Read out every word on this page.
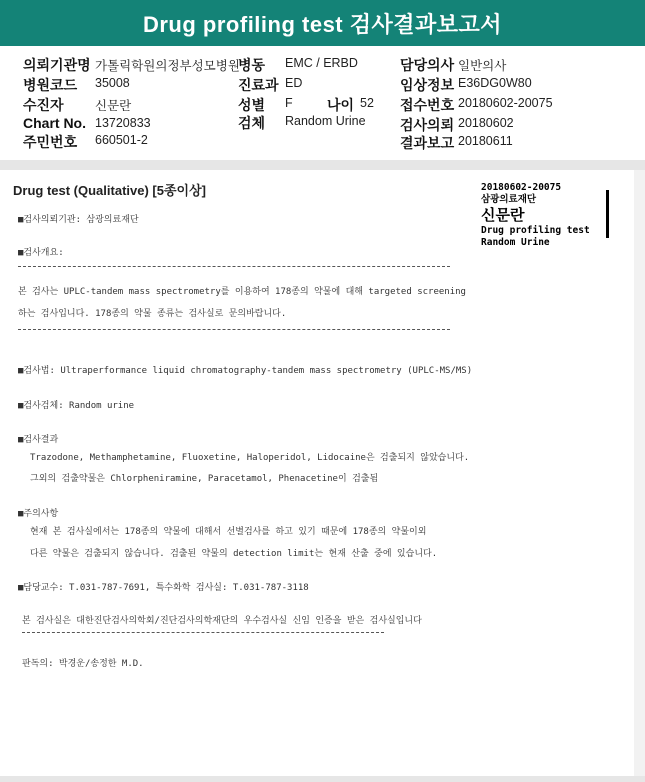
Drug profiling test 검사결과보고서
의뢰기관명 가톨릭학원의정부성모병원
병동 EMC / ERBD	담당의사 일반의사
병원코드 35008	진료과 ED	임상정보 E36DG0W80
수진자	신문란	성별 F 나이 52 접수번호 20180602-20075
Chart No. 13720833	검체 Random Urine 검사의뢰 20180602
주민번호 660501-2	결과보고 20180611
Drug test (Qualitative) [5종이상]	20180602-20075
삼광의료재단
신문란
Drug profiling test
Random Urine
■검사의뢰기관: 삼광의료재단
■검사개요:
본 검사는 UPLC-tandem mass spectrometry를 이용하여 178종의 약물에 대해 targeted screening
하는 검사입니다. 178종의 약물 종류는 검사실로 문의바랍니다.
■검사법: Ultraperformance liquid chromatography-tandem mass spectrometry (UPLC-MS/MS)
■검사검체: Random urine
■검사결과
Trazodone, Methamphetamine, Fluoxetine, Haloperidol, Lidocaine은 검출되지 않았습니다.
그외의 검출약물은 Chlorpheniramine, Paracetamol, Phenacetine이 검출됨
■주의사항
현재 본 검사실에서는 178종의 약물에 대해서 선별검사를 하고 있기 때문에 178종의 약물이외
다른 약물은 검출되지 않습니다. 검출된 약물의 detection limit는 현재 산출 중에 있습니다.
■담당교수: T.031-787-7691, 특수화학 검사실: T.031-787-3118
본 검사실은 대한진단검사의학회/진단검사의학재단의 우수검사실 신임 인증을 받은 검사실입니다
판독의: 박경운/송정한 M.D.
